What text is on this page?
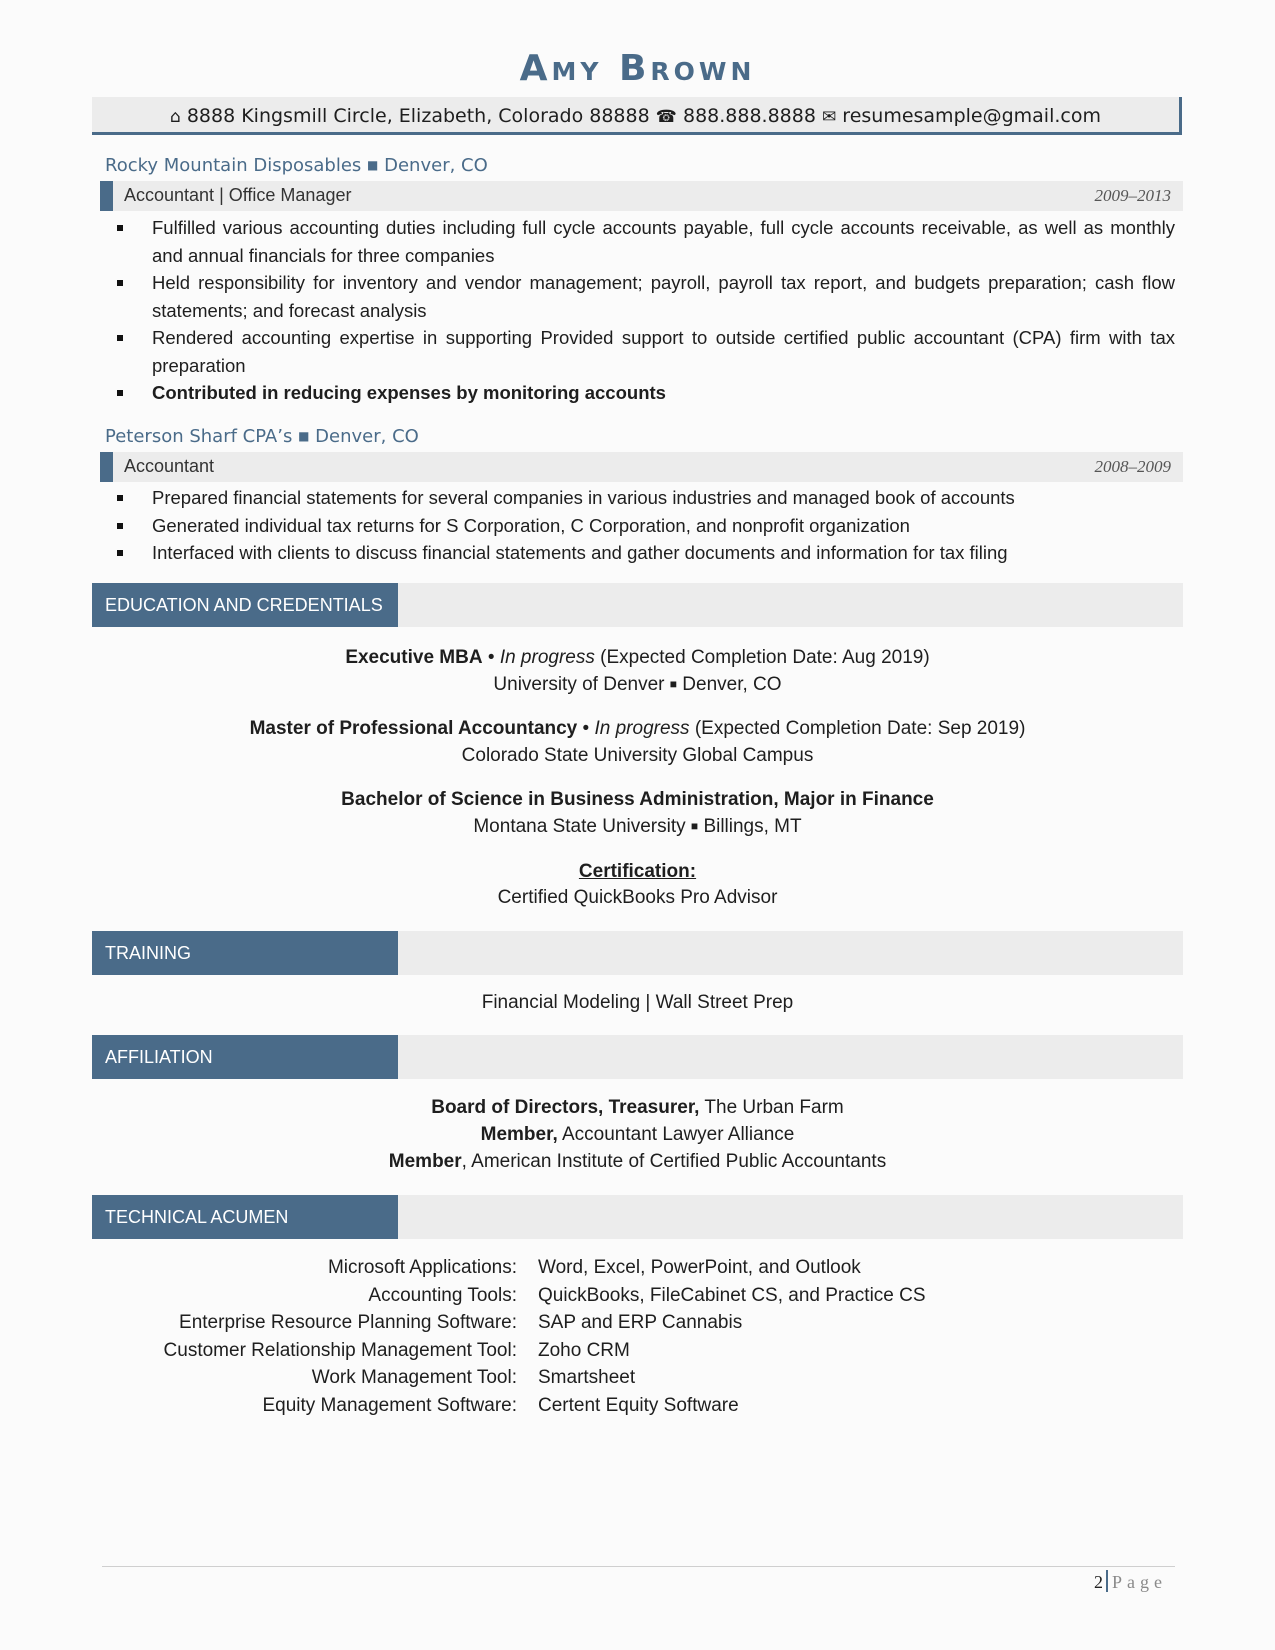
Amy Brown
⌂ 8888 Kingsmill Circle, Elizabeth, Colorado 88888 ☎ 888.888.8888 ✉ resumesample@gmail.com
Rocky Mountain Disposables ■ Denver, CO
Accountant | Office Manager	2009–2013
Fulfilled various accounting duties including full cycle accounts payable, full cycle accounts receivable, as well as monthly and annual financials for three companies
Held responsibility for inventory and vendor management; payroll, payroll tax report, and budgets preparation; cash flow statements; and forecast analysis
Rendered accounting expertise in supporting Provided support to outside certified public accountant (CPA) firm with tax preparation
Contributed in reducing expenses by monitoring accounts
Peterson Sharf CPA’s ■ Denver, CO
Accountant	2008–2009
Prepared financial statements for several companies in various industries and managed book of accounts
Generated individual tax returns for S Corporation, C Corporation, and nonprofit organization
Interfaced with clients to discuss financial statements and gather documents and information for tax filing
EDUCATION AND CREDENTIALS
Executive MBA • In progress (Expected Completion Date: Aug 2019)
University of Denver ■ Denver, CO
Master of Professional Accountancy • In progress (Expected Completion Date: Sep 2019)
Colorado State University Global Campus
Bachelor of Science in Business Administration, Major in Finance
Montana State University ■ Billings, MT
Certification:
Certified QuickBooks Pro Advisor
TRAINING
Financial Modeling | Wall Street Prep
AFFILIATION
Board of Directors, Treasurer, The Urban Farm
Member, Accountant Lawyer Alliance
Member, American Institute of Certified Public Accountants
TECHNICAL ACUMEN
Microsoft Applications: Word, Excel, PowerPoint, and Outlook
Accounting Tools: QuickBooks, FileCabinet CS, and Practice CS
Enterprise Resource Planning Software: SAP and ERP Cannabis
Customer Relationship Management Tool: Zoho CRM
Work Management Tool: Smartsheet
Equity Management Software: Certent Equity Software
2 Page
